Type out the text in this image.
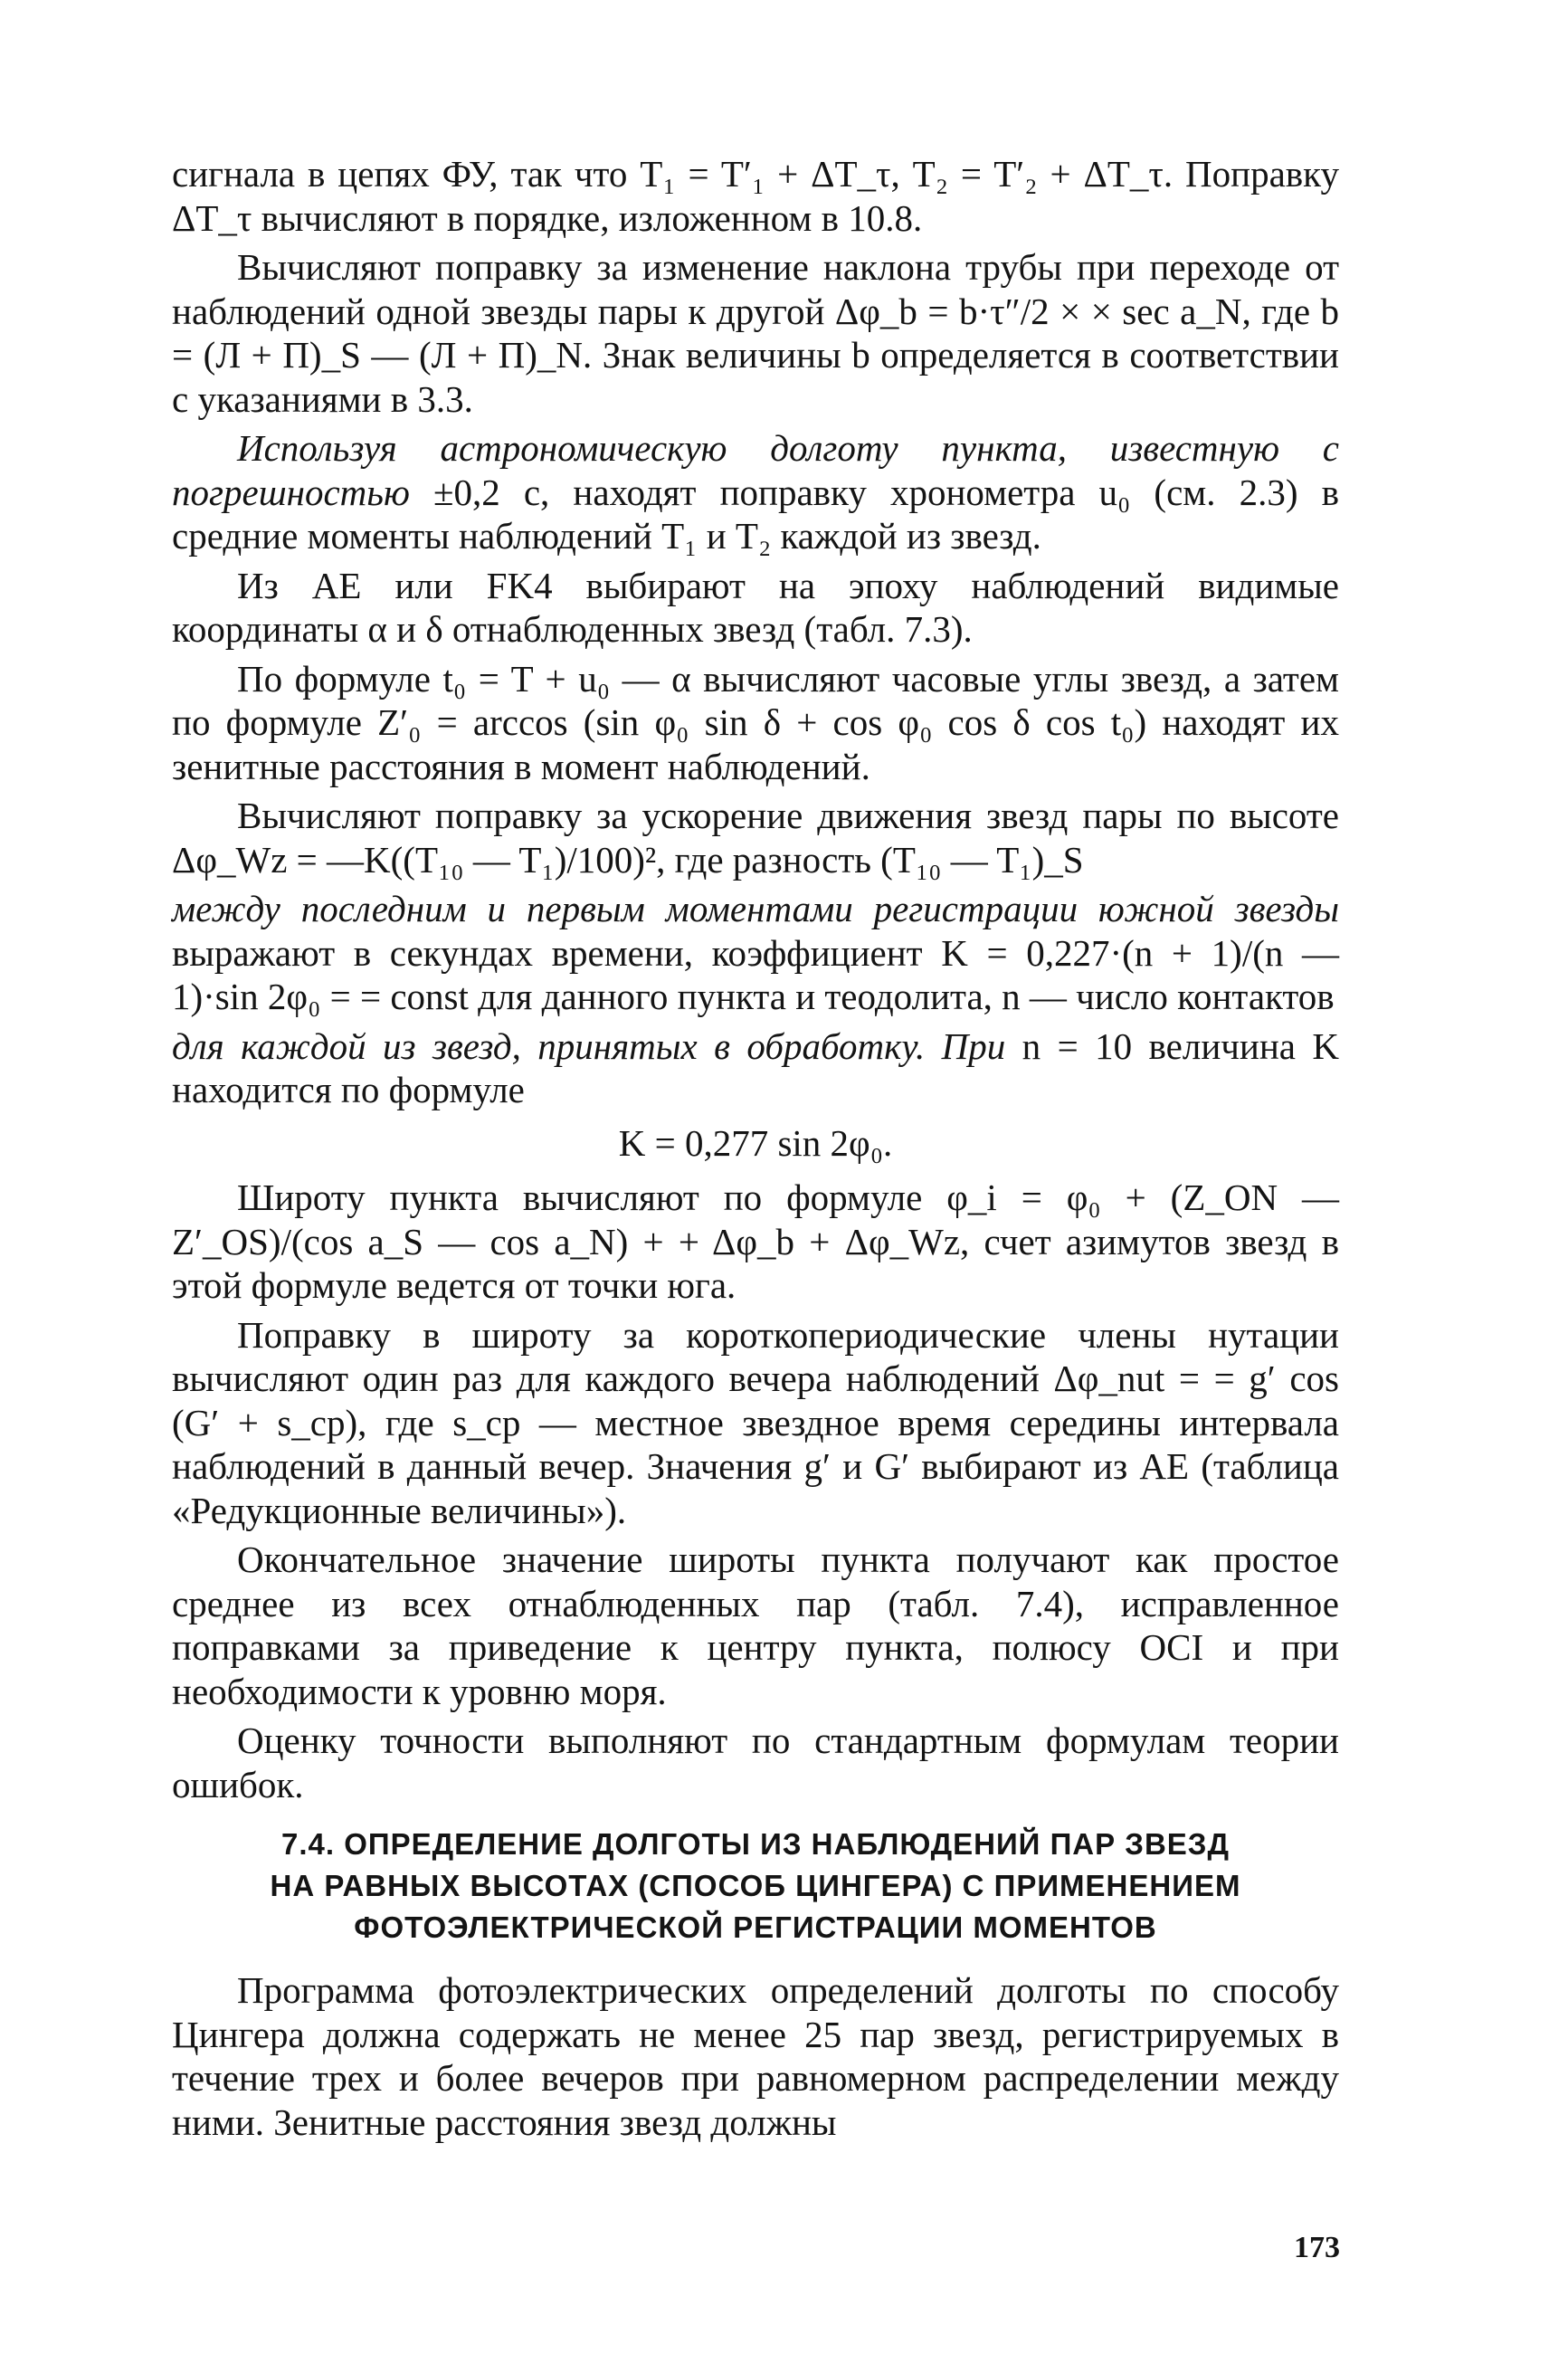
сигнала в цепях ФУ, так что T₁ = T′₁ + ΔT_τ, T₂ = T′₂ + ΔT_τ. Поправку ΔT_τ вычисляют в порядке, изложенном в 10.8.

Вычисляют поправку за изменение наклона трубы при переходе от наблюдений одной звезды пары к другой Δφ_b = b·τ″/2 × × sec a_N, где b = (Л + П)_S — (Л + П)_N. Знак величины b определяется в соответствии с указаниями в 3.3.

Используя астрономическую долготу пункта, известную с погрешностью ±0,2 с, находят поправку хронометра u₀ (см. 2.3) в средние моменты наблюдений T₁ и T₂ каждой из звезд.

Из АЕ или FK4 выбирают на эпоху наблюдений видимые координаты α и δ отнаблюденных звезд (табл. 7.3).

По формуле t₀ = T + u₀ — α вычисляют часовые углы звезд, а затем по формуле Z′₀ = arccos (sin φ₀ sin δ + cos φ₀ cos δ cos t₀) находят их зенитные расстояния в момент наблюдений.

Вычисляют поправку за ускорение движения звезд пары по высоте Δφ_Wz = —K((T₁₀ — T₁)/100)², где разность (T₁₀ — T₁)_S

между последним и первым моментами регистрации южной звезды выражают в секундах времени, коэффициент K = 0,227·(n + 1)/(n — 1)·sin 2φ₀ = = const для данного пункта и теодолита, n — число контактов

для каждой из звезд, принятых в обработку. При n = 10 величина K находится по формуле

K = 0,277 sin 2φ₀.

Широту пункта вычисляют по формуле φ_i = φ₀ + (Z_ON — Z′_OS)/(cos a_S — cos a_N) + + Δφ_b + Δφ_Wz, счет азимутов звезд в этой формуле ведется от точки юга.

Поправку в широту за короткопериодические члены нутации вычисляют один раз для каждого вечера наблюдений Δφ_nut = = g′ cos (G′ + s_ср), где s_ср — местное звездное время середины интервала наблюдений в данный вечер. Значения g′ и G′ выбирают из АЕ (таблица «Редукционные величины»).

Окончательное значение широты пункта получают как простое среднее из всех отнаблюденных пар (табл. 7.4), исправленное поправками за приведение к центру пункта, полюсу OCI и при необходимости к уровню моря.

Оценку точности выполняют по стандартным формулам теории ошибок.

7.4. ОПРЕДЕЛЕНИЕ ДОЛГОТЫ ИЗ НАБЛЮДЕНИЙ ПАР ЗВЕЗД
НА РАВНЫХ ВЫСОТАХ (СПОСОБ ЦИНГЕРА) С ПРИМЕНЕНИЕМ
ФОТОЭЛЕКТРИЧЕСКОЙ РЕГИСТРАЦИИ МОМЕНТОВ

Программа фотоэлектрических определений долготы по способу Цингера должна содержать не менее 25 пар звезд, регистрируемых в течение трех и более вечеров при равномерном распределении между ними. Зенитные расстояния звезд должны

173
